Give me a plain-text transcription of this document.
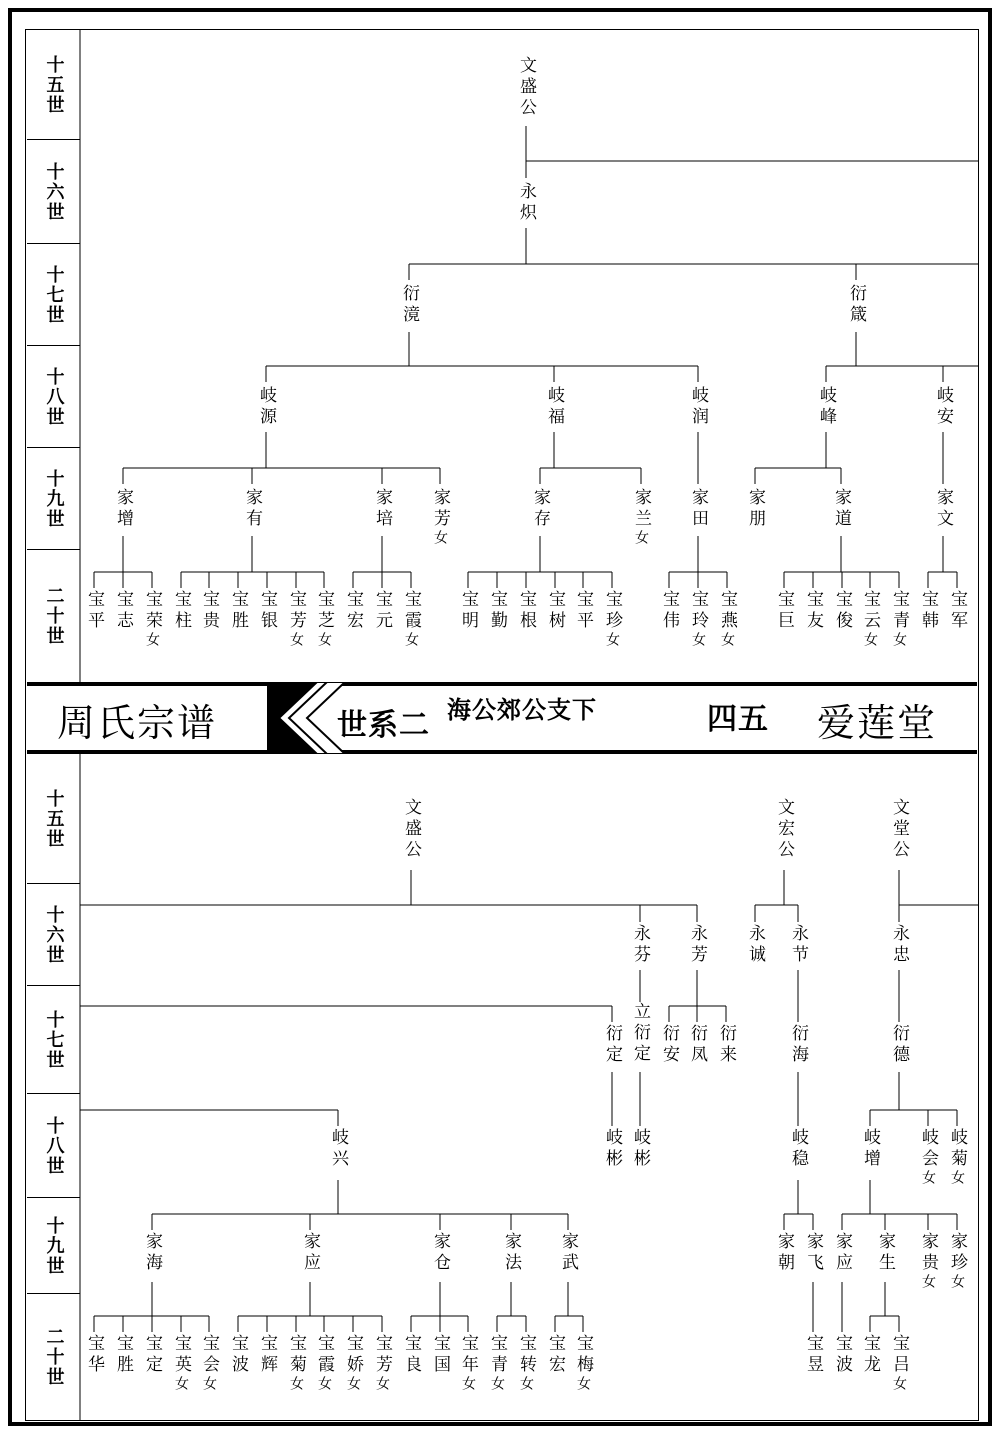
十五世
十六世
十七世
十八世
十九世
二十世
十五世
十六世
十七世
十八世
十九世
二十世
周氏宗谱	世系二 海公郊公支下	四五 爱莲堂
文盛公
永炽
衍滰	衍箴
岐源	岐福	岐润	岐峰	岐安
家增	家有	家培 家芳女
家存	家兰女
家田 家朋	家道	家文
宝平 宝志 宝荣女
宝柱 宝贵 宝胜 宝银 宝芳女
宝芝女
宝宏 宝元 宝霞女
宝明 宝勤 宝根 宝树 宝平 宝珍女
宝伟 宝玲女
宝燕女
宝巨 宝友 宝俊 宝云女
宝青女
宝韩 宝军
文盛公	文宏公	文堂公
永芬 永芳 永诚 永节	永忠
衍定 立衍定 衍安 衍凤 衍来	衍海	衍德
岐兴	岐彬 岐彬	岐稳	岐增 岐会女
岐菊女
家海	家应	家仓	家法 家武	家朝 家飞 家应 家生 家贵女
家珍女
宝华 宝胜 宝定 宝英女
宝会女
宝波 宝辉 宝菊女
宝霞女
宝娇女
宝芳女
宝良 宝国 宝年女
宝青女
宝转女
宝宏 宝梅女
宝昱 宝波 宝龙 宝吕女
